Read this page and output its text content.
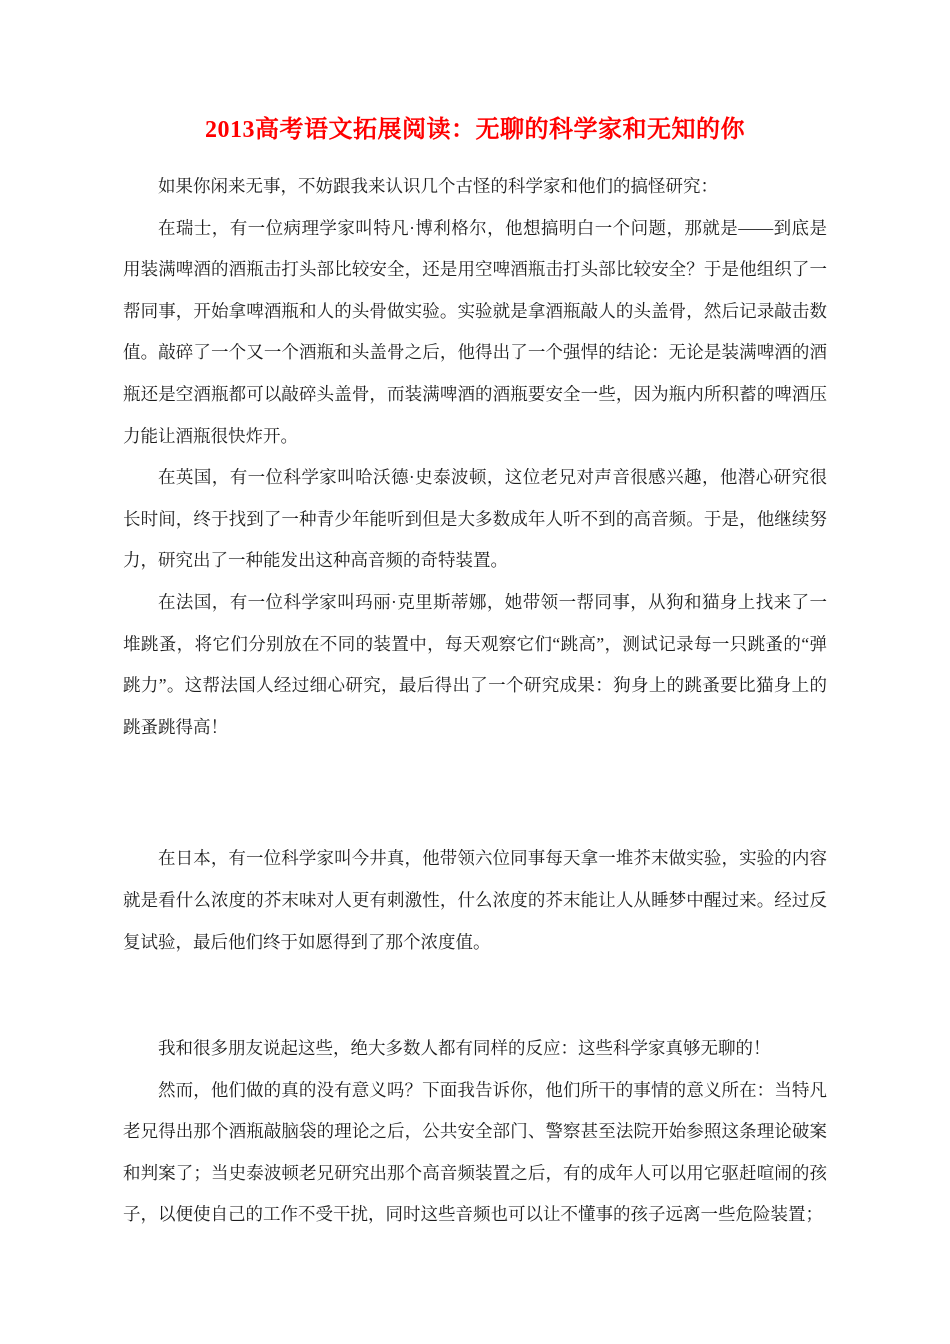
2013高考语文拓展阅读：无聊的科学家和无知的你

如果你闲来无事，不妨跟我来认识几个古怪的科学家和他们的搞怪研究：

在瑞士，有一位病理学家叫特凡·博利格尔，他想搞明白一个问题，那就是——到底是用装满啤酒的酒瓶击打头部比较安全，还是用空啤酒瓶击打头部比较安全？于是他组织了一帮同事，开始拿啤酒瓶和人的头骨做实验。实验就是拿酒瓶敲人的头盖骨，然后记录敲击数值。敲碎了一个又一个酒瓶和头盖骨之后，他得出了一个强悍的结论：无论是装满啤酒的酒瓶还是空酒瓶都可以敲碎头盖骨，而装满啤酒的酒瓶要安全一些，因为瓶内所积蓄的啤酒压力能让酒瓶很快炸开。

在英国，有一位科学家叫哈沃德·史泰波顿，这位老兄对声音很感兴趣，他潜心研究很长时间，终于找到了一种青少年能听到但是大多数成年人听不到的高音频。于是，他继续努力，研究出了一种能发出这种高音频的奇特装置。

在法国，有一位科学家叫玛丽·克里斯蒂娜，她带领一帮同事，从狗和猫身上找来了一堆跳蚤，将它们分别放在不同的装置中，每天观察它们“跳高”，测试记录每一只跳蚤的“弹跳力”。这帮法国人经过细心研究，最后得出了一个研究成果：狗身上的跳蚤要比猫身上的跳蚤跳得高！

在日本，有一位科学家叫今井真，他带领六位同事每天拿一堆芥末做实验，实验的内容就是看什么浓度的芥末味对人更有刺激性，什么浓度的芥末能让人从睡梦中醒过来。经过反复试验，最后他们终于如愿得到了那个浓度值。

我和很多朋友说起这些，绝大多数人都有同样的反应：这些科学家真够无聊的！

然而，他们做的真的没有意义吗？下面我告诉你，他们所干的事情的意义所在：当特凡老兄得出那个酒瓶敲脑袋的理论之后，公共安全部门、警察甚至法院开始参照这条理论破案和判案了；当史泰波顿老兄研究出那个高音频装置之后，有的成年人可以用它驱赶喧闹的孩子，以便使自己的工作不受干扰，同时这些音频也可以让不懂事的孩子远离一些危险装置；
